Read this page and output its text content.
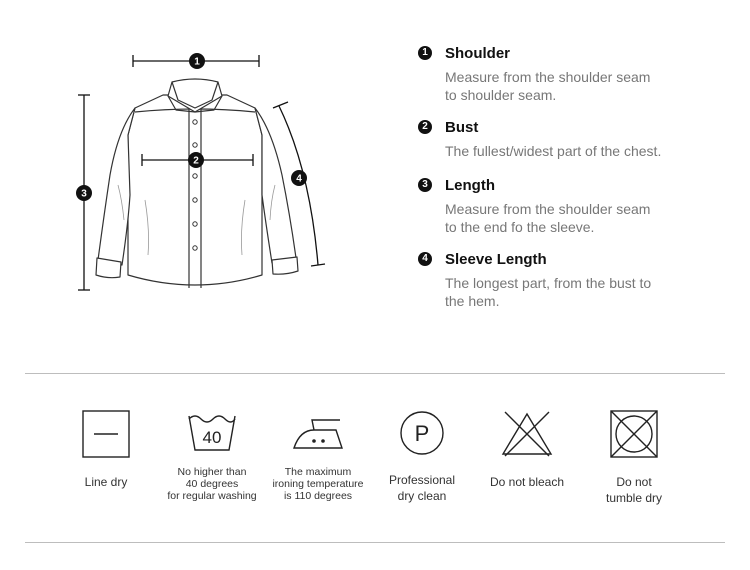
1
2
3
4
1 Shoulder
Measure from the shoulder seam
to shoulder seam.
2 Bust
The fullest/widest part of the chest.
3 Length
Measure from the shoulder seam
to the end fo the sleeve.
4 Sleeve Length
The longest part, from the bust to
the hem.
Line dry
40
No higher than
40 degrees
for regular washing
The maximum
ironing temperature
is 110 degrees
P
Professional
dry clean
Do not bleach	Do not
tumble dry
